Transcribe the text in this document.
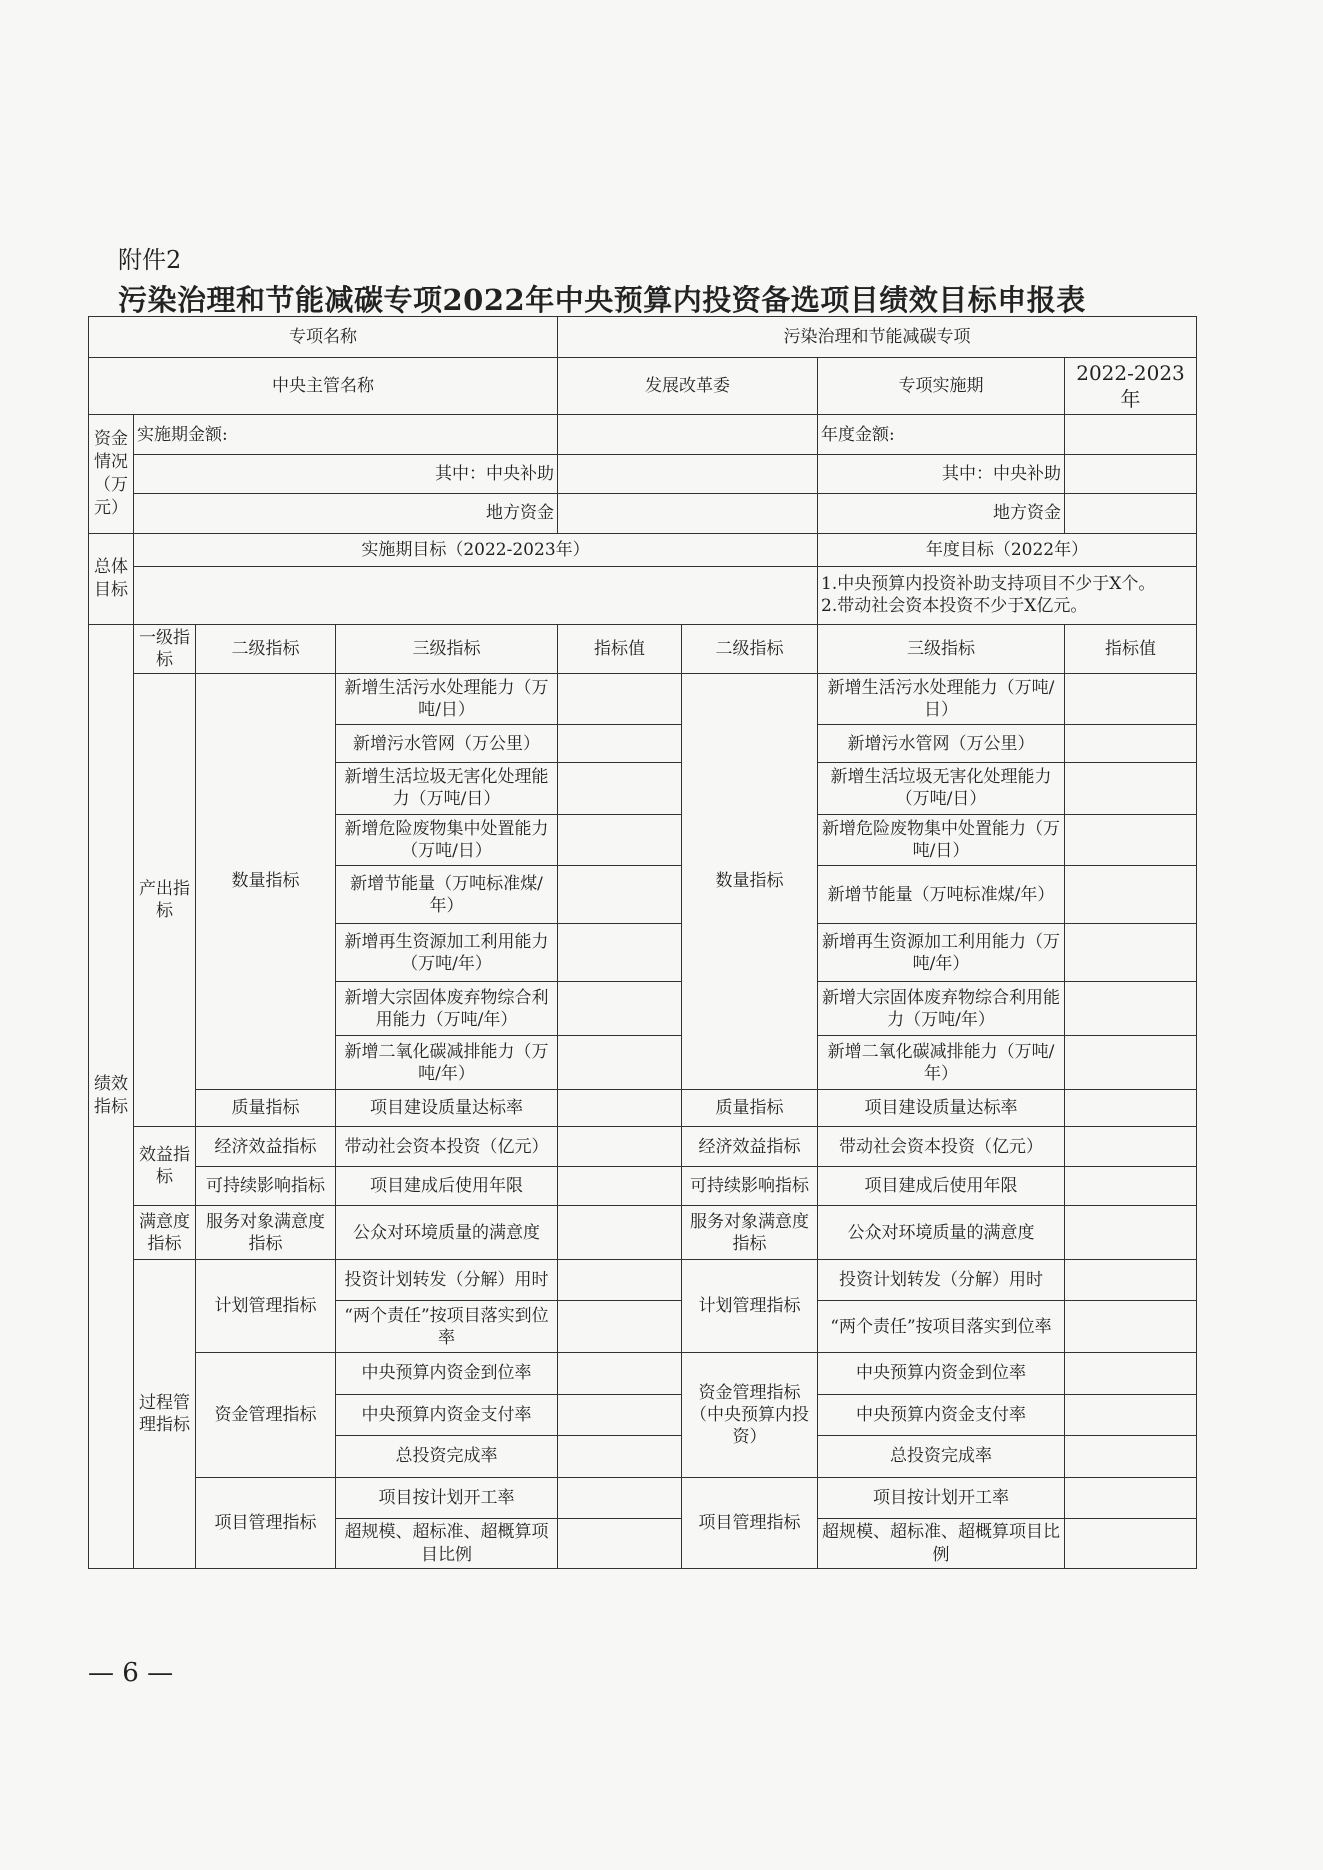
附件2
污染治理和节能减碳专项2022年中央预算内投资备选项目绩效目标申报表
专项名称				污染治理和节能减碳专项			
中央主管名称				发展改革委		专项实施期	2022-2023年
资金情况（万元）	实施期金额:					年度金额:	
	其中：中央补助					其中：中央补助	
	地方资金					地方资金	
总体目标	实施期目标（2022-2023年）					年度目标（2022年）	

						1.中央预算内投资补助支持项目不少于X个。
2.带动社会资本投资不少于X亿元。	

绩效指标	一级指标	二级指标	三级指标	指标值	二级指标	三级指标	指标值
	产出指标	数量指标	新增生活污水处理能力（万吨/日）		数量指标	新增生活污水处理能力（万吨/日）	
			新增污水管网（万公里）			新增污水管网（万公里）	
			新增生活垃圾无害化处理能力（万吨/日）			新增生活垃圾无害化处理能力（万吨/日）	
			新增危险废物集中处置能力（万吨/日）			新增危险废物集中处置能力（万吨/日）	
			新增节能量（万吨标准煤/年）			新增节能量（万吨标准煤/年）	
			新增再生资源加工利用能力（万吨/年）			新增再生资源加工利用能力（万吨/年）	
			新增大宗固体废弃物综合利用能力（万吨/年）			新增大宗固体废弃物综合利用能力（万吨/年）	
			新增二氧化碳减排能力（万吨/年）			新增二氧化碳减排能力（万吨/年）	
		质量指标	项目建设质量达标率		质量指标	项目建设质量达标率	
	效益指标	经济效益指标	带动社会资本投资（亿元）		经济效益指标	带动社会资本投资（亿元）	
		可持续影响指标	项目建成后使用年限		可持续影响指标	项目建成后使用年限	
	满意度指标	服务对象满意度指标	公众对环境质量的满意度		服务对象满意度指标	公众对环境质量的满意度	
	过程管理指标	计划管理指标	投资计划转发（分解）用时		计划管理指标	投资计划转发（分解）用时	
			“两个责任”按项目落实到位率			“两个责任”按项目落实到位率	
		资金管理指标	中央预算内资金到位率		资金管理指标（中央预算内投资）	中央预算内资金到位率	
			中央预算内资金支付率			中央预算内资金支付率	
			总投资完成率			总投资完成率	
		项目管理指标	项目按计划开工率		项目管理指标	项目按计划开工率	
			超规模、超标准、超概算项目比例			超规模、超标准、超概算项目比例	
— 6 —
